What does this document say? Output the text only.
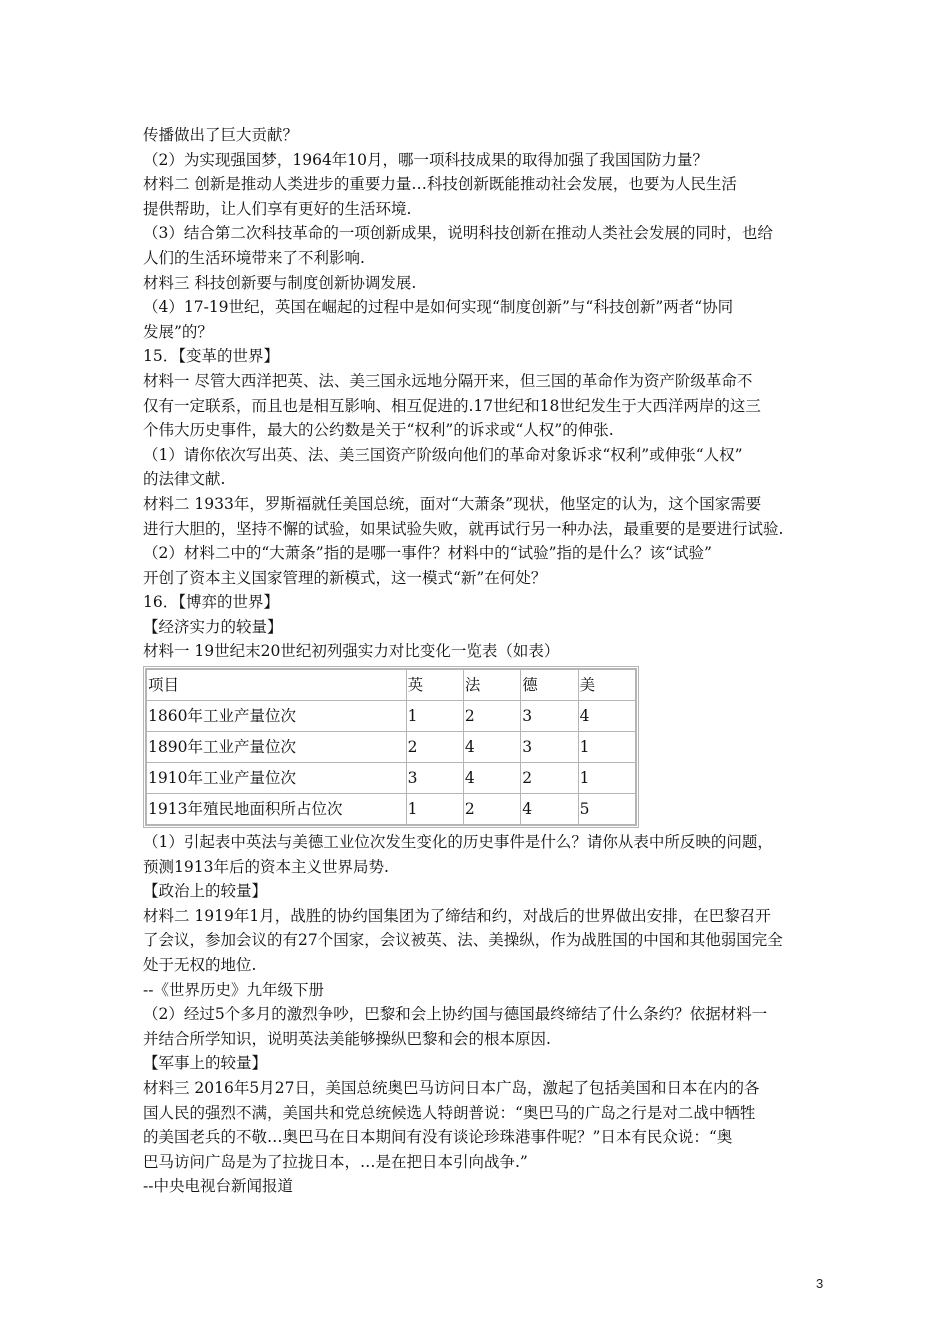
传播做出了巨大贡献？
（2）为实现强国梦，1964年10月，哪一项科技成果的取得加强了我国国防力量？
材料二 创新是推动人类进步的重要力量…科技创新既能推动社会发展，也要为人民生活
提供帮助，让人们享有更好的生活环境.
（3）结合第二次科技革命的一项创新成果，说明科技创新在推动人类社会发展的同时，也给
人们的生活环境带来了不利影响.
材料三 科技创新要与制度创新协调发展.
（4）17-19世纪，英国在崛起的过程中是如何实现“制度创新”与“科技创新”两者“协同
发展”的？
15．【变革的世界】
材料一 尽管大西洋把英、法、美三国永远地分隔开来，但三国的革命作为资产阶级革命不
仅有一定联系，而且也是相互影响、相互促进的.17世纪和18世纪发生于大西洋两岸的这三
个伟大历史事件，最大的公约数是关于“权利”的诉求或“人权”的伸张.
（1）请你依次写出英、法、美三国资产阶级向他们的革命对象诉求“权利”或伸张“人权”
的法律文献.
材料二 1933年，罗斯福就任美国总统，面对“大萧条”现状，他坚定的认为，这个国家需要
进行大胆的，坚持不懈的试验，如果试验失败，就再试行另一种办法，最重要的是要进行试验.
（2）材料二中的“大萧条”指的是哪一事件？材料中的“试验”指的是什么？该“试验”
开创了资本主义国家管理的新模式，这一模式“新”在何处？
16．【博弈的世界】
【经济实力的较量】
材料一 19世纪末20世纪初列强实力对比变化一览表（如表）
项目	英	法	德	美
1860年工业产量位次	1	2	3	4
1890年工业产量位次	2	4	3	1
1910年工业产量位次	3	4	2	1
1913年殖民地面积所占位次	1	2	4	5
（1）引起表中英法与美德工业位次发生变化的历史事件是什么？请你从表中所反映的问题，
预测1913年后的资本主义世界局势.
【政治上的较量】
材料二 1919年1月，战胜的协约国集团为了缔结和约，对战后的世界做出安排，在巴黎召开
了会议，参加会议的有27个国家，会议被英、法、美操纵，作为战胜国的中国和其他弱国完全
处于无权的地位.
--《世界历史》九年级下册
（2）经过5个多月的激烈争吵，巴黎和会上协约国与德国最终缔结了什么条约？依据材料一
并结合所学知识，说明英法美能够操纵巴黎和会的根本原因.
【军事上的较量】
材料三 2016年5月27日，美国总统奥巴马访问日本广岛，激起了包括美国和日本在内的各
国人民的强烈不满，美国共和党总统候选人特朗普说：“奥巴马的广岛之行是对二战中牺牲
的美国老兵的不敬…奥巴马在日本期间有没有谈论珍珠港事件呢？”日本有民众说：“奥
巴马访问广岛是为了拉拢日本，…是在把日本引向战争.”
--中央电视台新闻报道
3
